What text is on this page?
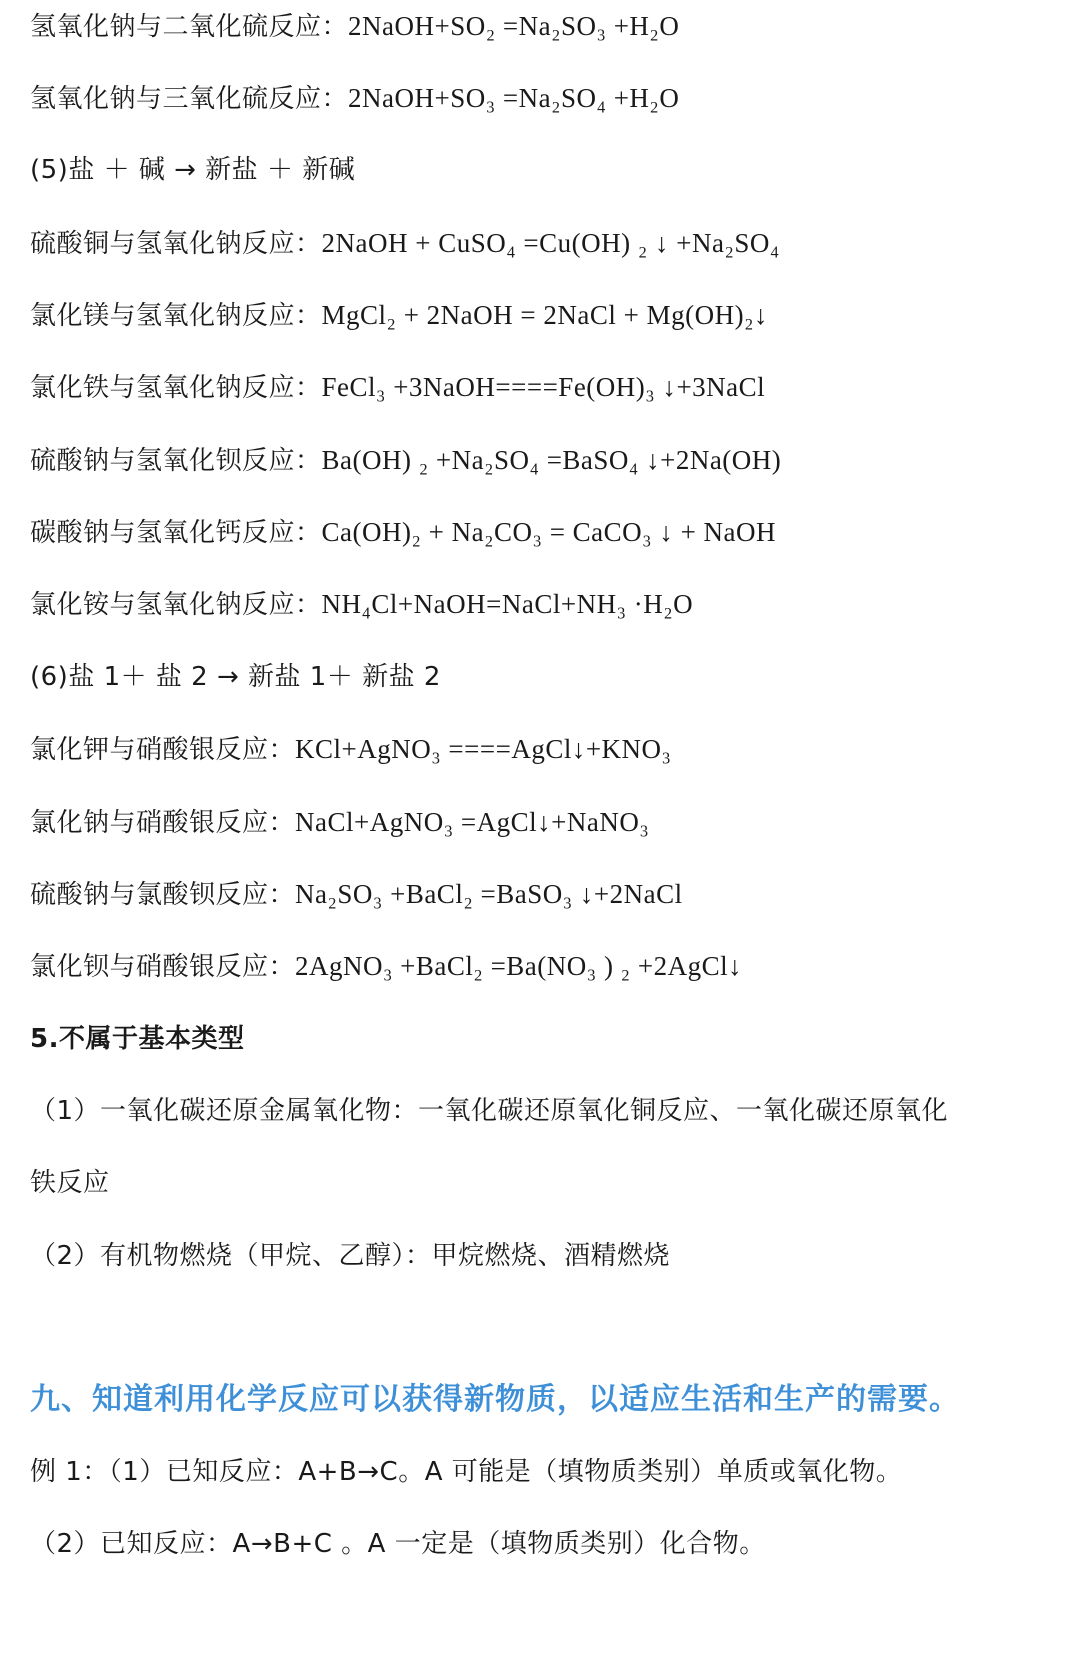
氢氧化钠与二氧化硫反应：2NaOH+SO₂ =Na₂SO₃ +H₂O
氢氧化钠与三氧化硫反应：2NaOH+SO₃ =Na₂SO₄ +H₂O
(5)盐 ＋ 碱 → 新盐 ＋ 新碱
硫酸铜与氢氧化钠反应：2NaOH + CuSO₄ =Cu(OH) ₂ ↓ +Na₂SO₄
氯化镁与氢氧化钠反应：MgCl₂ + 2NaOH = 2NaCl + Mg(OH)₂↓
氯化铁与氢氧化钠反应：FeCl₃ +3NaOH====Fe(OH)₃ ↓+3NaCl
硫酸钠与氢氧化钡反应：Ba(OH) ₂ +Na₂SO₄ =BaSO₄ ↓+2Na(OH)
碳酸钠与氢氧化钙反应：Ca(OH)₂ + Na₂CO₃ = CaCO₃ ↓ + NaOH
氯化铵与氢氧化钠反应：NH₄Cl+NaOH=NaCl+NH₃ ·H₂O
(6)盐 1＋ 盐 2 → 新盐 1＋ 新盐 2
氯化钾与硝酸银反应：KCl+AgNO₃ ====AgCl↓+KNO₃
氯化钠与硝酸银反应：NaCl+AgNO₃ =AgCl↓+NaNO₃
硫酸钠与氯酸钡反应：Na₂SO₃ +BaCl₂ =BaSO₃ ↓+2NaCl
氯化钡与硝酸银反应：2AgNO₃ +BaCl₂ =Ba(NO₃ ) ₂ +2AgCl↓
5.不属于基本类型
（1）一氧化碳还原金属氧化物：一氧化碳还原氧化铜反应、一氧化碳还原氧化
铁反应
（2）有机物燃烧（甲烷、乙醇）：甲烷燃烧、酒精燃烧
九、知道利用化学反应可以获得新物质，以适应生活和生产的需要。
例 1：（1）已知反应：A+B→C。A 可能是（填物质类别）单质或氧化物。
（2）已知反应：A→B+C 。A 一定是（填物质类别）化合物。
